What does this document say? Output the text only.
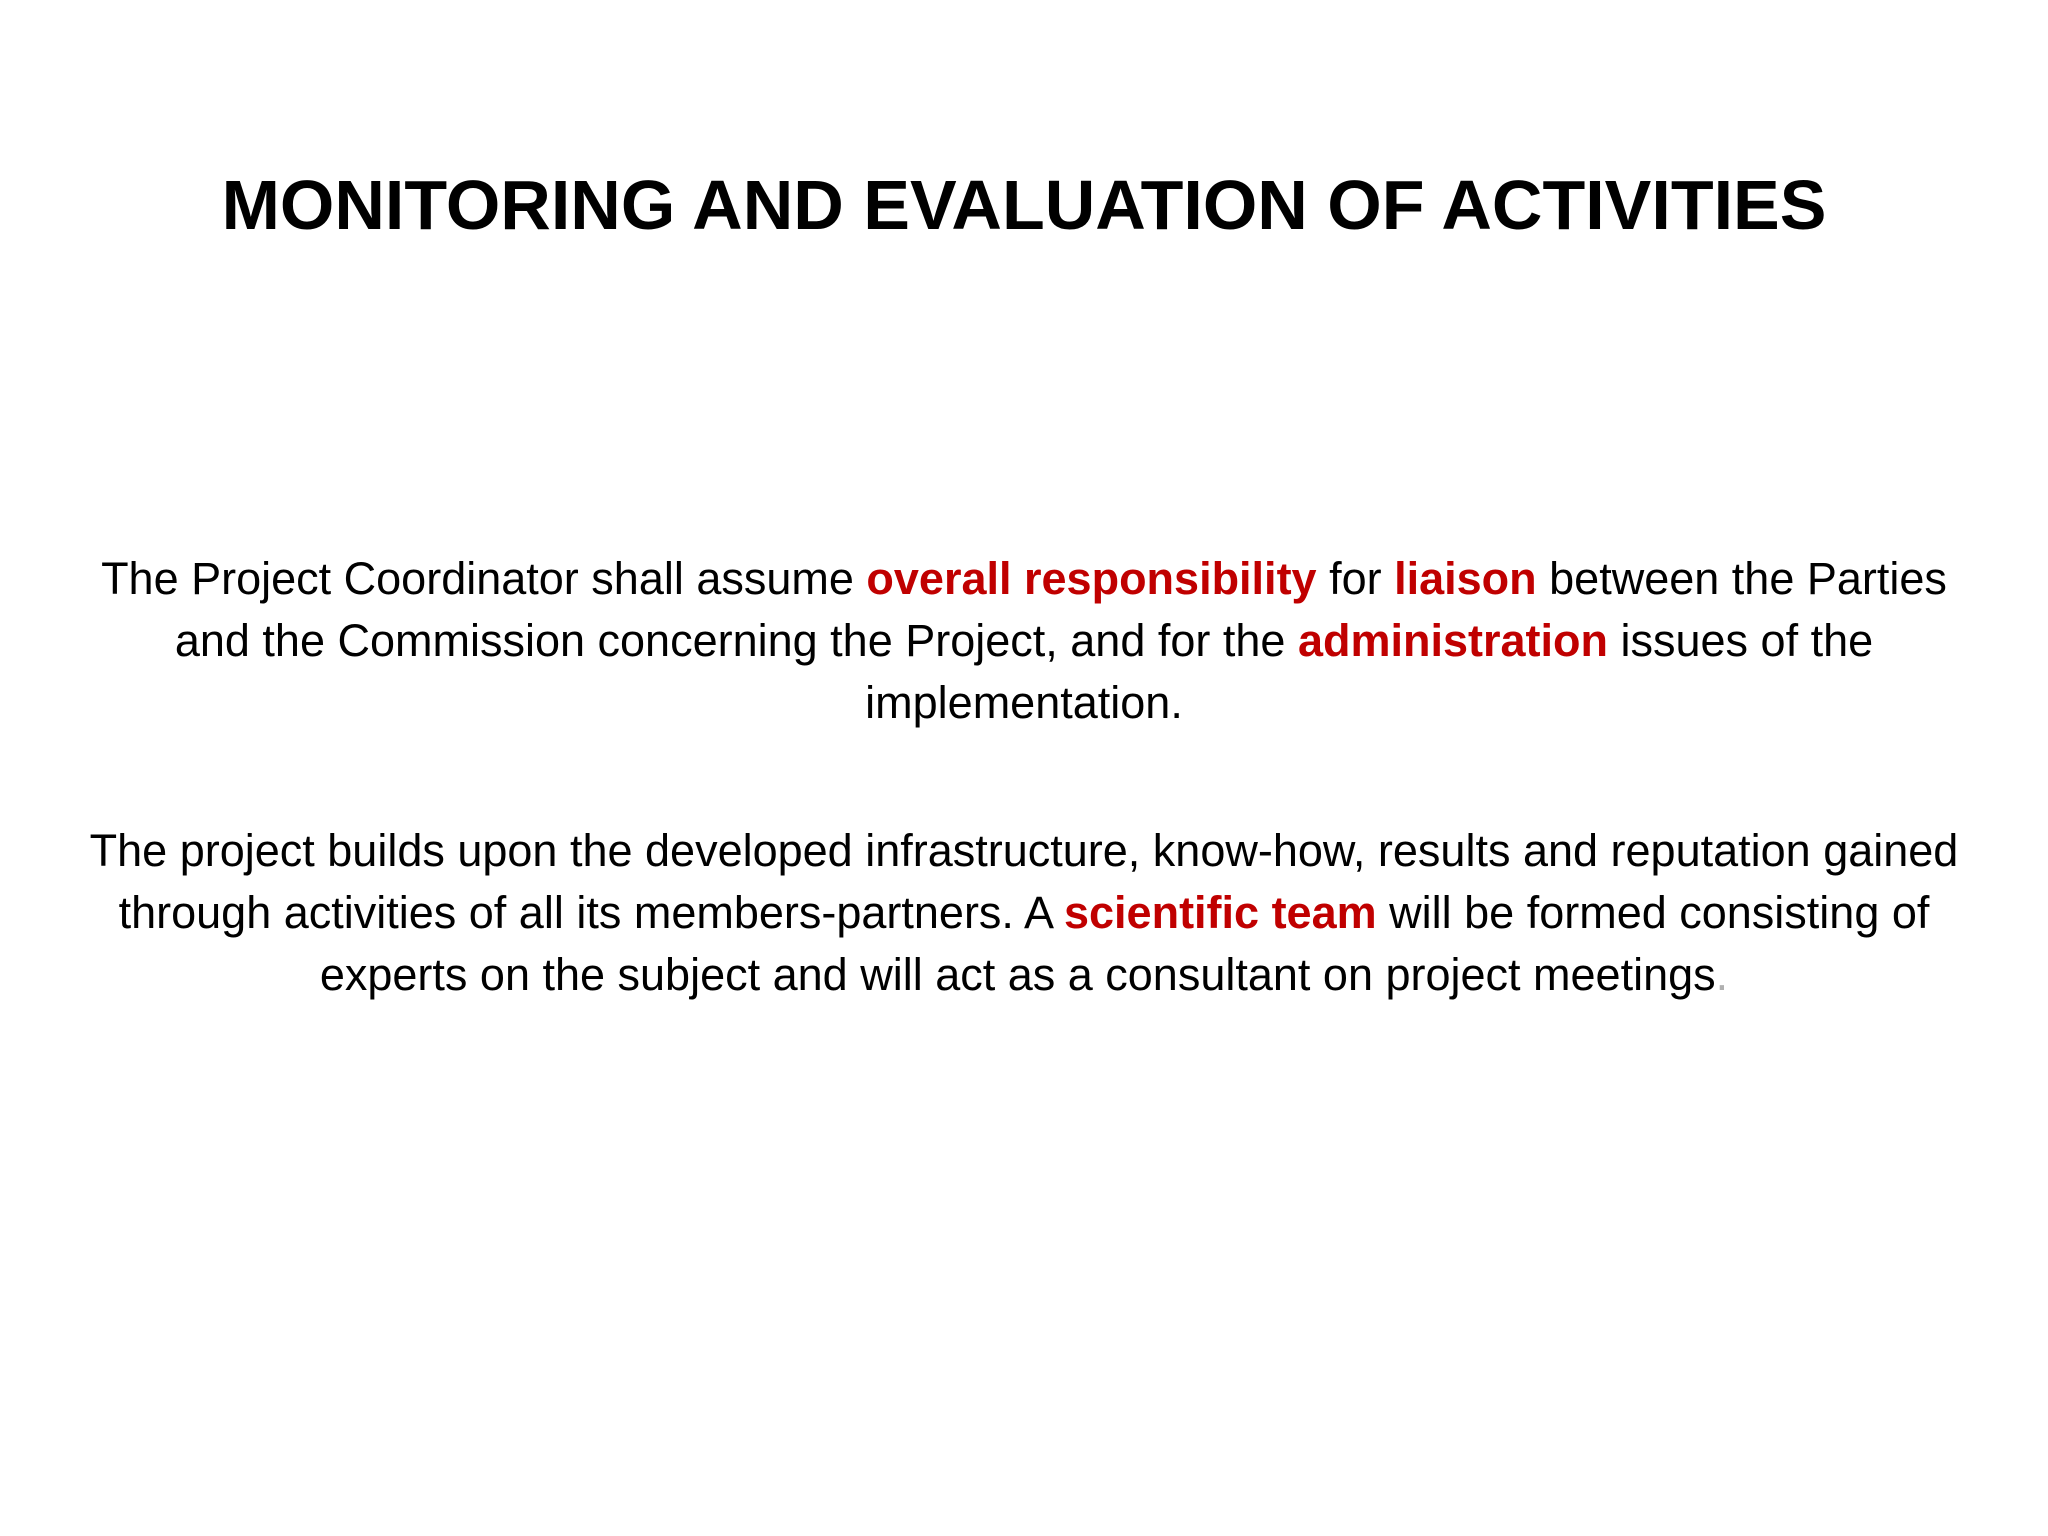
MONITORING AND EVALUATION OF ACTIVITIES
The Project Coordinator shall assume overall responsibility for liaison between the Parties and the Commission concerning the Project, and for the administration issues of the implementation.
The project builds upon the developed infrastructure, know-how, results and reputation gained through activities of all its members-partners. A scientific team will be formed consisting of experts on the subject and will act as a consultant on project meetings.
